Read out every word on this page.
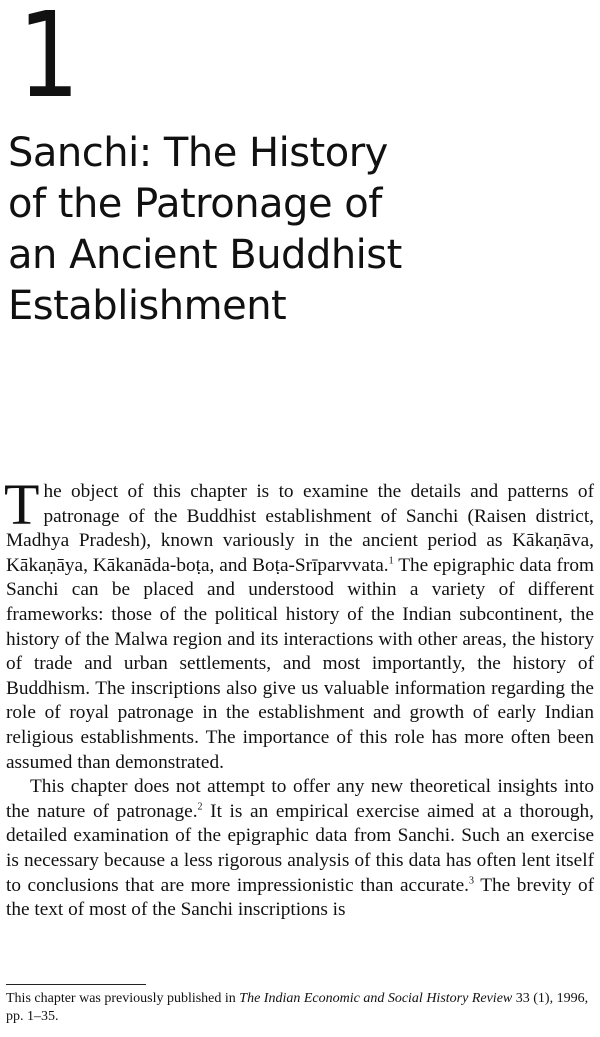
1
Sanchi: The History
of the Patronage of
an Ancient Buddhist
Establishment

The object of this chapter is to examine the details and patterns of patronage of the Buddhist establishment of Sanchi (Raisen district, Madhya Pradesh), known variously in the ancient period as Kākaṇāva, Kākaṇāya, Kākanāda-boṭa, and Boṭa-Srīparvvata.$^1$ The epigraphic data from Sanchi can be placed and understood within a variety of different frameworks: those of the political history of the Indian subcontinent, the history of the Malwa region and its interactions with other areas, the history of trade and urban settlements, and most importantly, the history of Buddhism. The inscriptions also give us valuable information regarding the role of royal patronage in the establishment and growth of early Indian religious establishments. The importance of this role has more often been assumed than demonstrated.

This chapter does not attempt to offer any new theoretical insights into the nature of patronage.$^2$ It is an empirical exercise aimed at a thorough, detailed examination of the epigraphic data from Sanchi. Such an exercise is necessary because a less rigorous analysis of this data has often lent itself to conclusions that are more impressionistic than accurate.$^3$ The brevity of the text of most of the Sanchi inscriptions is

This chapter was previously published in The Indian Economic and Social History Review 33 (1), 1996, pp. 1–35.
